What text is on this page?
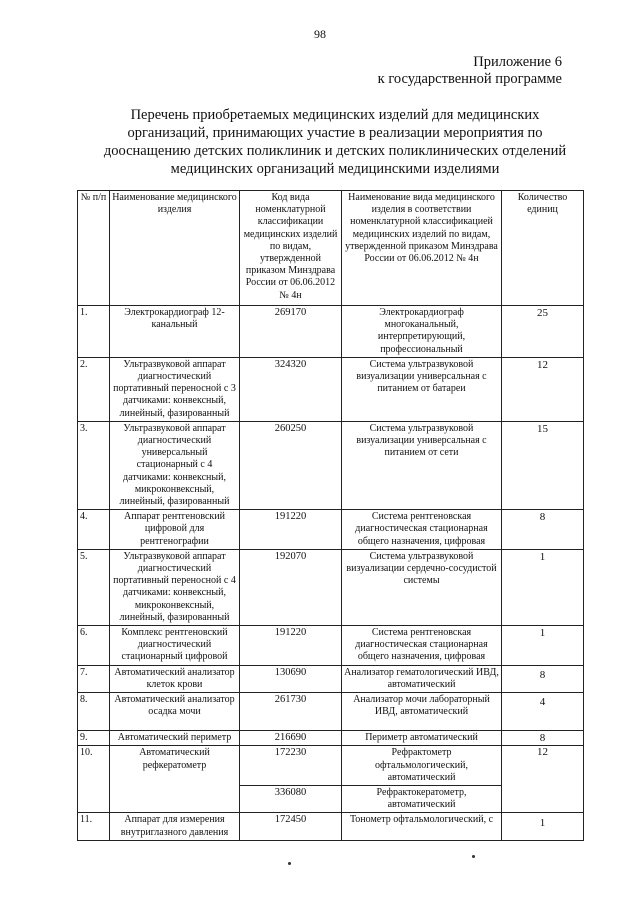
98
Приложение 6
к государственной программе
Перечень приобретаемых медицинских изделий для медицинских организаций, принимающих участие в реализации мероприятия по дооснащению детских поликлиник и детских поликлинических отделений медицинских организаций медицинскими изделиями
№ п/п	Наименование медицинского изделия	Код вида номенклатурной классификации медицинских изделий по видам, утвержденной приказом Минздрава России от 06.06.2012 № 4н	Наименование вида медицинского изделия в соответствии номенклатурной классификацией медицинских изделий по видам, утвержденной приказом Минздрава России от 06.06.2012 № 4н	Количество единиц
1.	Электрокардиограф 12-канальный	269170	Электрокардиограф многоканальный, интерпретирующий, профессиональный	25
2.	Ультразвуковой аппарат диагностический портативный переносной с 3 датчиками: конвексный, линейный, фазированный	324320	Система ультразвуковой визуализации универсальная с питанием от батареи	12
3.	Ультразвуковой аппарат диагностический универсальный стационарный с 4 датчиками: конвексный, микроконвексный, линейный, фазированный	260250	Система ультразвуковой визуализации универсальная с питанием от сети	15
4.	Аппарат рентгеновский цифровой для рентгенографии	191220	Система рентгеновская диагностическая стационарная общего назначения, цифровая	8
5.	Ультразвуковой аппарат диагностический портативный переносной с 4 датчиками: конвексный, микроконвексный, линейный, фазированный	192070	Система ультразвуковой визуализации сердечно-сосудистой системы	1
6.	Комплекс рентгеновский диагностический стационарный цифровой	191220	Система рентгеновская диагностическая стационарная общего назначения, цифровая	1
7.	Автоматический анализатор клеток крови	130690	Анализатор гематологический ИВД, автоматический	8
8.	Автоматический анализатор осадка мочи	261730	Анализатор мочи лабораторный ИВД, автоматический	4
9.	Автоматический периметр	216690	Периметр автоматический	8
10.	Автоматический рефкератометр	172230	Рефрактометр офтальмологический, автоматический	12
		336080	Рефрактокератометр, автоматический	
11.	Аппарат для измерения внутриглазного давления	172450	Тонометр офтальмологический, с	1
